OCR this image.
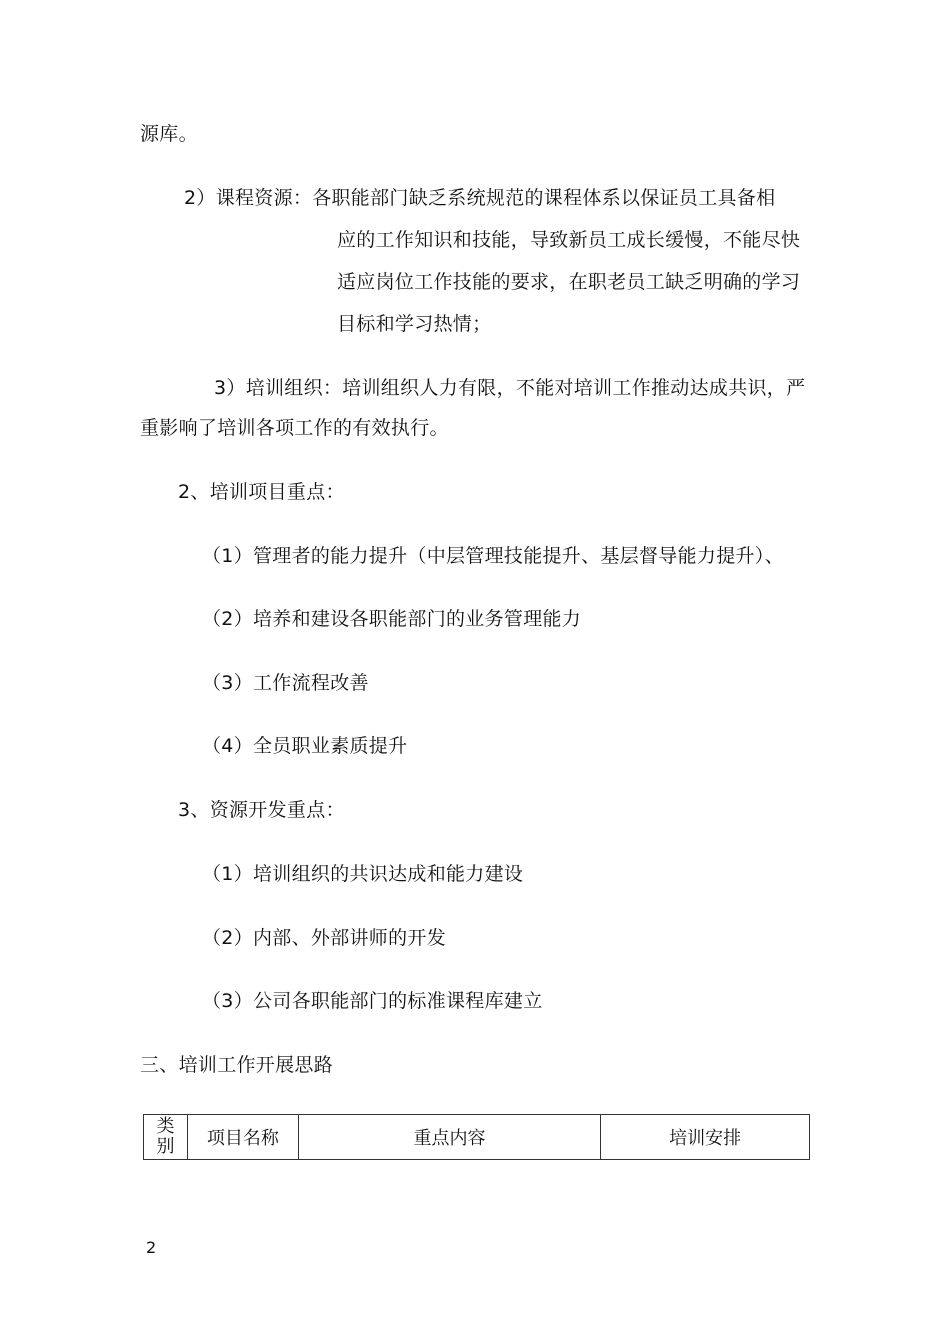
源库。
2）课程资源：各职能部门缺乏系统规范的课程体系以保证员工具备相
应的工作知识和技能，导致新员工成长缓慢，不能尽快
适应岗位工作技能的要求，在职老员工缺乏明确的学习
目标和学习热情；
3）培训组织：培训组织人力有限，不能对培训工作推动达成共识，严
重影响了培训各项工作的有效执行。
2、培训项目重点：
（1）管理者的能力提升（中层管理技能提升、基层督导能力提升）、
（2）培养和建设各职能部门的业务管理能力
（3）工作流程改善
（4）全员职业素质提升
3、资源开发重点：
（1）培训组织的共识达成和能力建设
（2）内部、外部讲师的开发
（3）公司各职能部门的标准课程库建立
三、培训工作开展思路
类
别	项目名称	重点内容	培训安排
2
